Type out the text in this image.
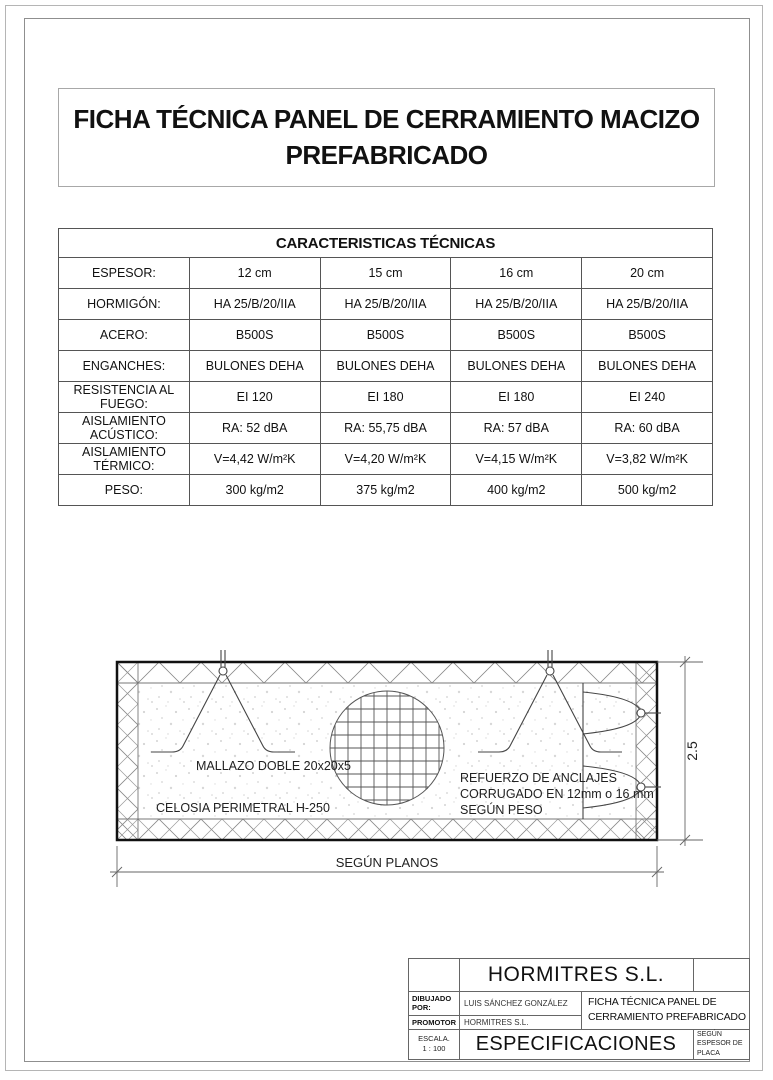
FICHA TÉCNICA PANEL DE CERRAMIENTO MACIZO PREFABRICADO
CARACTERISTICAS TÉCNICAS				
ESPESOR:	12 cm	15 cm	16 cm	20 cm
HORMIGÓN:	HA 25/B/20/IIA	HA 25/B/20/IIA	HA 25/B/20/IIA	HA 25/B/20/IIA
ACERO:	B500S	B500S	B500S	B500S
ENGANCHES:	BULONES DEHA	BULONES DEHA	BULONES DEHA	BULONES DEHA
RESISTENCIA AL FUEGO:	EI 120	EI 180	EI 180	EI 240
AISLAMIENTO ACÚSTICO:	RA: 52 dBA	RA: 55,75 dBA	RA: 57 dBA	RA: 60 dBA
AISLAMIENTO TÉRMICO:	V=4,42 W/m²K	V=4,20 W/m²K	V=4,15 W/m²K	V=3,82 W/m²K
PESO:	300 kg/m2	375 kg/m2	400 kg/m2	500 kg/m2
2.5
SEGÚN PLANOS
MALLAZO DOBLE 20x20x5
CELOSIA PERIMETRAL H-250
REFUERZO DE ANCLAJES
CORRUGADO EN 12mm o 16 mm
SEGÚN PESO
HORMITRES S.L.
DIBUJADO POR:
LUIS SÁNCHEZ GONZÁLEZ
PROMOTOR HORMITRES S.L.
FICHA TÉCNICA PANEL DE CERRAMIENTO PREFABRICADO
ESCALA.
1 : 100	ESPECIFICACIONES	SEGÚN ESPESOR DE PLACA
